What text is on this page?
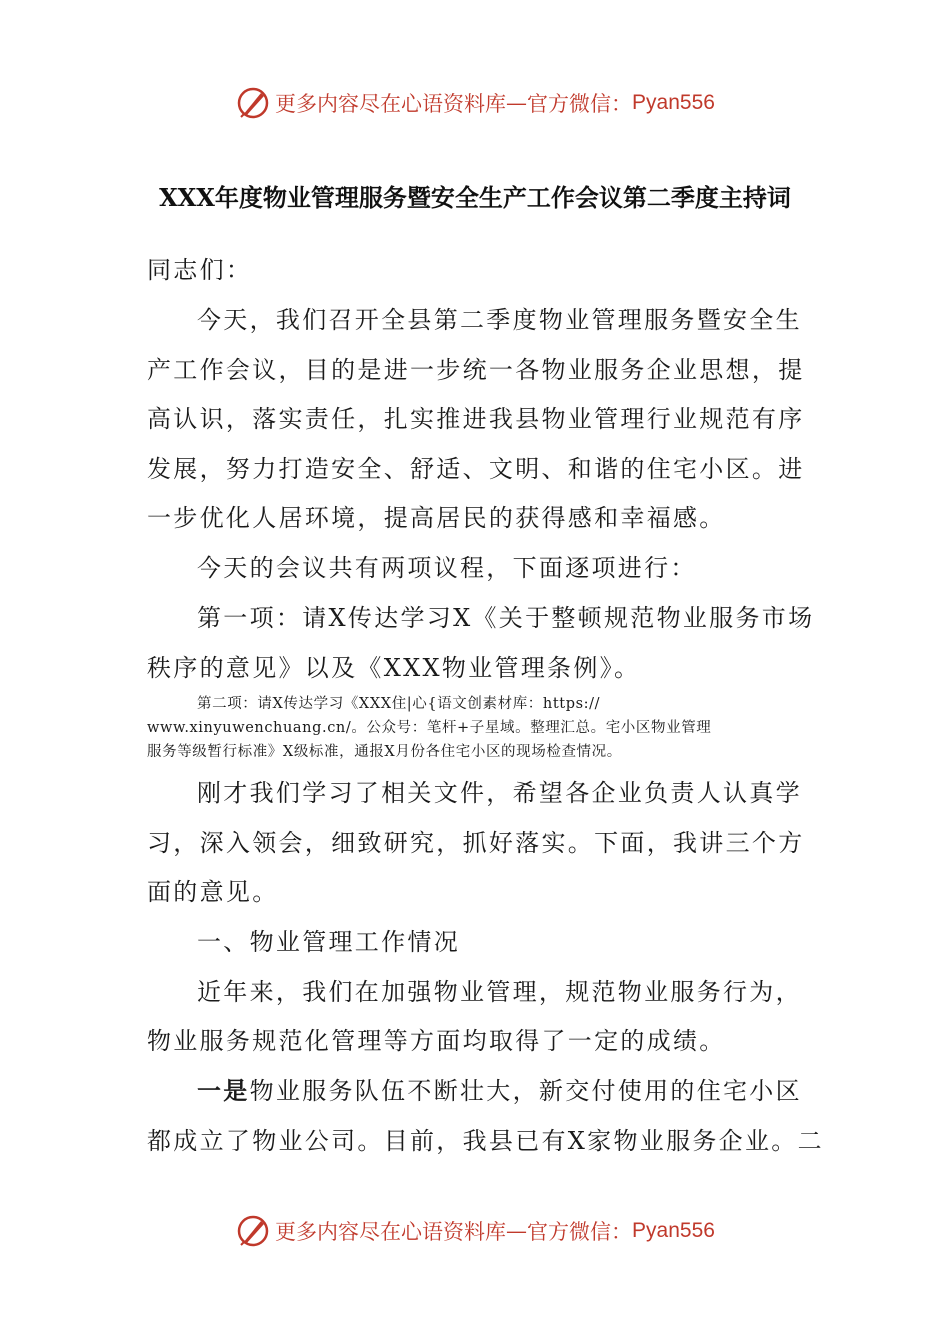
更多内容尽在心语资料库 — 官方微信： Pyan556
XXX年度物业管理服务暨安全生产工作会议第二季度主持词
同志们：
今天，我们召开全县第二季度物业管理服务暨安全生
产工作会议，目的是进一步统一各物业服务企业思想，提
高认识，落实责任，扎实推进我县物业管理行业规范有序
发展，努力打造安全、舒适、文明、和谐的住宅小区。进
一步优化人居环境，提高居民的获得感和幸福感。
今天的会议共有两项议程，下面逐项进行：
第一项：请X传达学习X《关于整顿规范物业服务市场
秩序的意见》以及《XXX物业管理条例》。
第二项：请X传达学习《XXX住|心{语文创素材库：https://
www.xinyuwenchuang.cn/。公众号：笔杆+子星域。整理汇总。宅小区物业管理
服务等级暂行标准》X级标准，通报X月份各住宅小区的现场检查情况。
刚才我们学习了相关文件，希望各企业负责人认真学
习，深入领会，细致研究，抓好落实。下面，我讲三个方
面的意见。
一、物业管理工作情况
近年来，我们在加强物业管理，规范物业服务行为，
物业服务规范化管理等方面均取得了一定的成绩。
一是物业服务队伍不断壮大，新交付使用的住宅小区
都成立了物业公司。目前，我县已有X家物业服务企业。二
更多内容尽在心语资料库 — 官方微信： Pyan556
